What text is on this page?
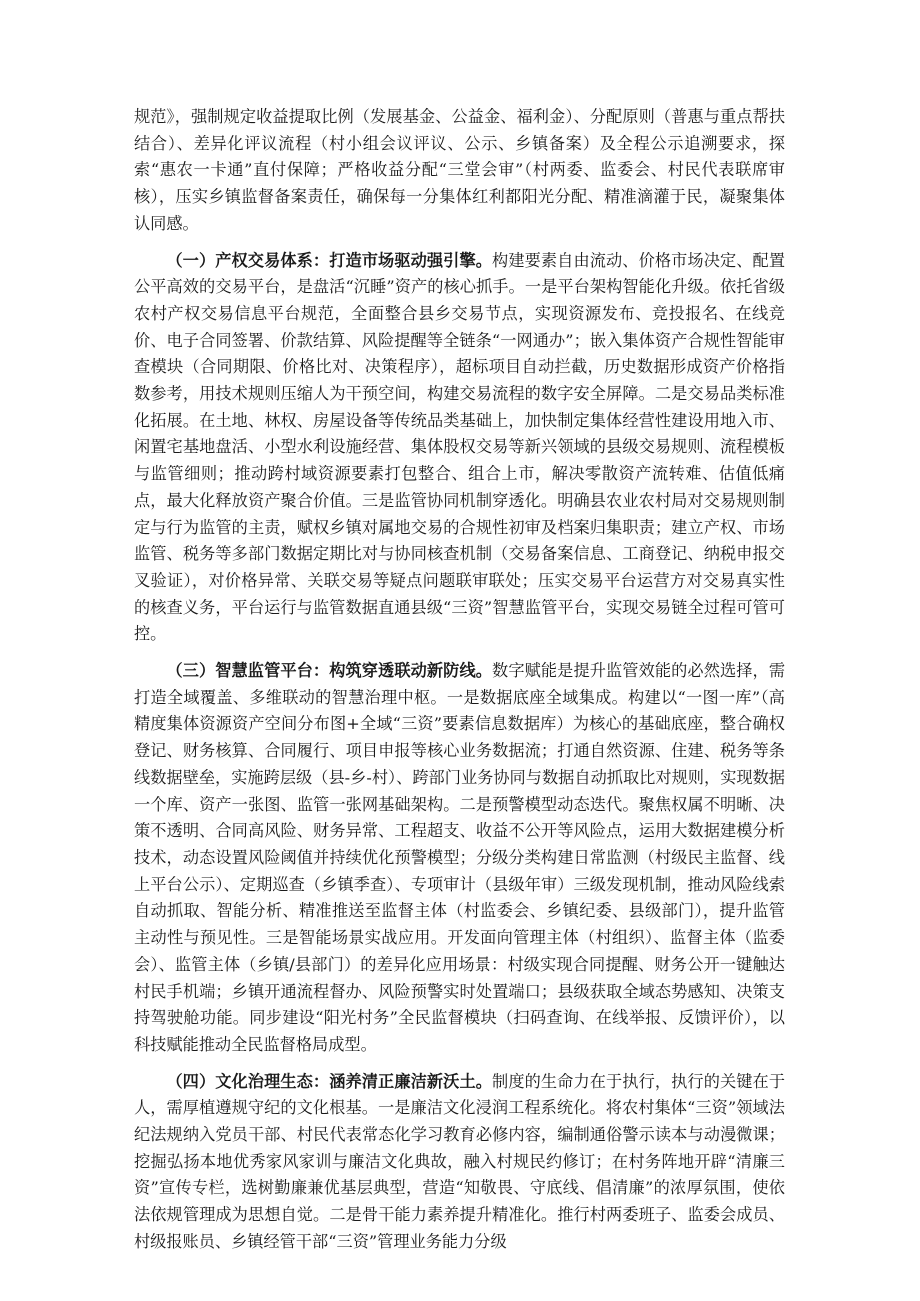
规范》，强制规定收益提取比例（发展基金、公益金、福利金）、分配原则（普惠与重点帮扶结合）、差异化评议流程（村小组会议评议、公示、乡镇备案）及全程公示追溯要求，探索“惠农一卡通”直付保障；严格收益分配“三堂会审”（村两委、监委会、村民代表联席审核），压实乡镇监督备案责任，确保每一分集体红利都阳光分配、精准滴灌于民，凝聚集体认同感。

（一）产权交易体系：打造市场驱动强引擎。构建要素自由流动、价格市场决定、配置公平高效的交易平台，是盘活“沉睡”资产的核心抓手。一是平台架构智能化升级。依托省级农村产权交易信息平台规范，全面整合县乡交易节点，实现资源发布、竞投报名、在线竞价、电子合同签署、价款结算、风险提醒等全链条“一网通办”；嵌入集体资产合规性智能审查模块（合同期限、价格比对、决策程序），超标项目自动拦截，历史数据形成资产价格指数参考，用技术规则压缩人为干预空间，构建交易流程的数字安全屏障。二是交易品类标准化拓展。在土地、林权、房屋设备等传统品类基础上，加快制定集体经营性建设用地入市、闲置宅基地盘活、小型水利设施经营、集体股权交易等新兴领域的县级交易规则、流程模板与监管细则；推动跨村域资源要素打包整合、组合上市，解决零散资产流转难、估值低痛点，最大化释放资产聚合价值。三是监管协同机制穿透化。明确县农业农村局对交易规则制定与行为监管的主责，赋权乡镇对属地交易的合规性初审及档案归集职责；建立产权、市场监管、税务等多部门数据定期比对与协同核查机制（交易备案信息、工商登记、纳税申报交叉验证），对价格异常、关联交易等疑点问题联审联处；压实交易平台运营方对交易真实性的核查义务，平台运行与监管数据直通县级“三资”智慧监管平台，实现交易链全过程可管可控。

（三）智慧监管平台：构筑穿透联动新防线。数字赋能是提升监管效能的必然选择，需打造全域覆盖、多维联动的智慧治理中枢。一是数据底座全域集成。构建以“一图一库”（高精度集体资源资产空间分布图+全域“三资”要素信息数据库）为核心的基础底座，整合确权登记、财务核算、合同履行、项目申报等核心业务数据流；打通自然资源、住建、税务等条线数据壁垒，实施跨层级（县-乡-村）、跨部门业务协同与数据自动抓取比对规则，实现数据一个库、资产一张图、监管一张网基础架构。二是预警模型动态迭代。聚焦权属不明晰、决策不透明、合同高风险、财务异常、工程超支、收益不公开等风险点，运用大数据建模分析技术，动态设置风险阈值并持续优化预警模型；分级分类构建日常监测（村级民主监督、线上平台公示）、定期巡查（乡镇季查）、专项审计（县级年审）三级发现机制，推动风险线索自动抓取、智能分析、精准推送至监督主体（村监委会、乡镇纪委、县级部门），提升监管主动性与预见性。三是智能场景实战应用。开发面向管理主体（村组织）、监督主体（监委会）、监管主体（乡镇/县部门）的差异化应用场景：村级实现合同提醒、财务公开一键触达村民手机端；乡镇开通流程督办、风险预警实时处置端口；县级获取全域态势感知、决策支持驾驶舱功能。同步建设“阳光村务”全民监督模块（扫码查询、在线举报、反馈评价），以科技赋能推动全民监督格局成型。

（四）文化治理生态：涵养清正廉洁新沃土。制度的生命力在于执行，执行的关键在于人，需厚植遵规守纪的文化根基。一是廉洁文化浸润工程系统化。将农村集体“三资”领域法纪法规纳入党员干部、村民代表常态化学习教育必修内容，编制通俗警示读本与动漫微课；挖掘弘扬本地优秀家风家训与廉洁文化典故，融入村规民约修订；在村务阵地开辟“清廉三资”宣传专栏，选树勤廉兼优基层典型，营造“知敬畏、守底线、倡清廉”的浓厚氛围，使依法依规管理成为思想自觉。二是骨干能力素养提升精准化。推行村两委班子、监委会成员、村级报账员、乡镇经管干部“三资”管理业务能力分级
